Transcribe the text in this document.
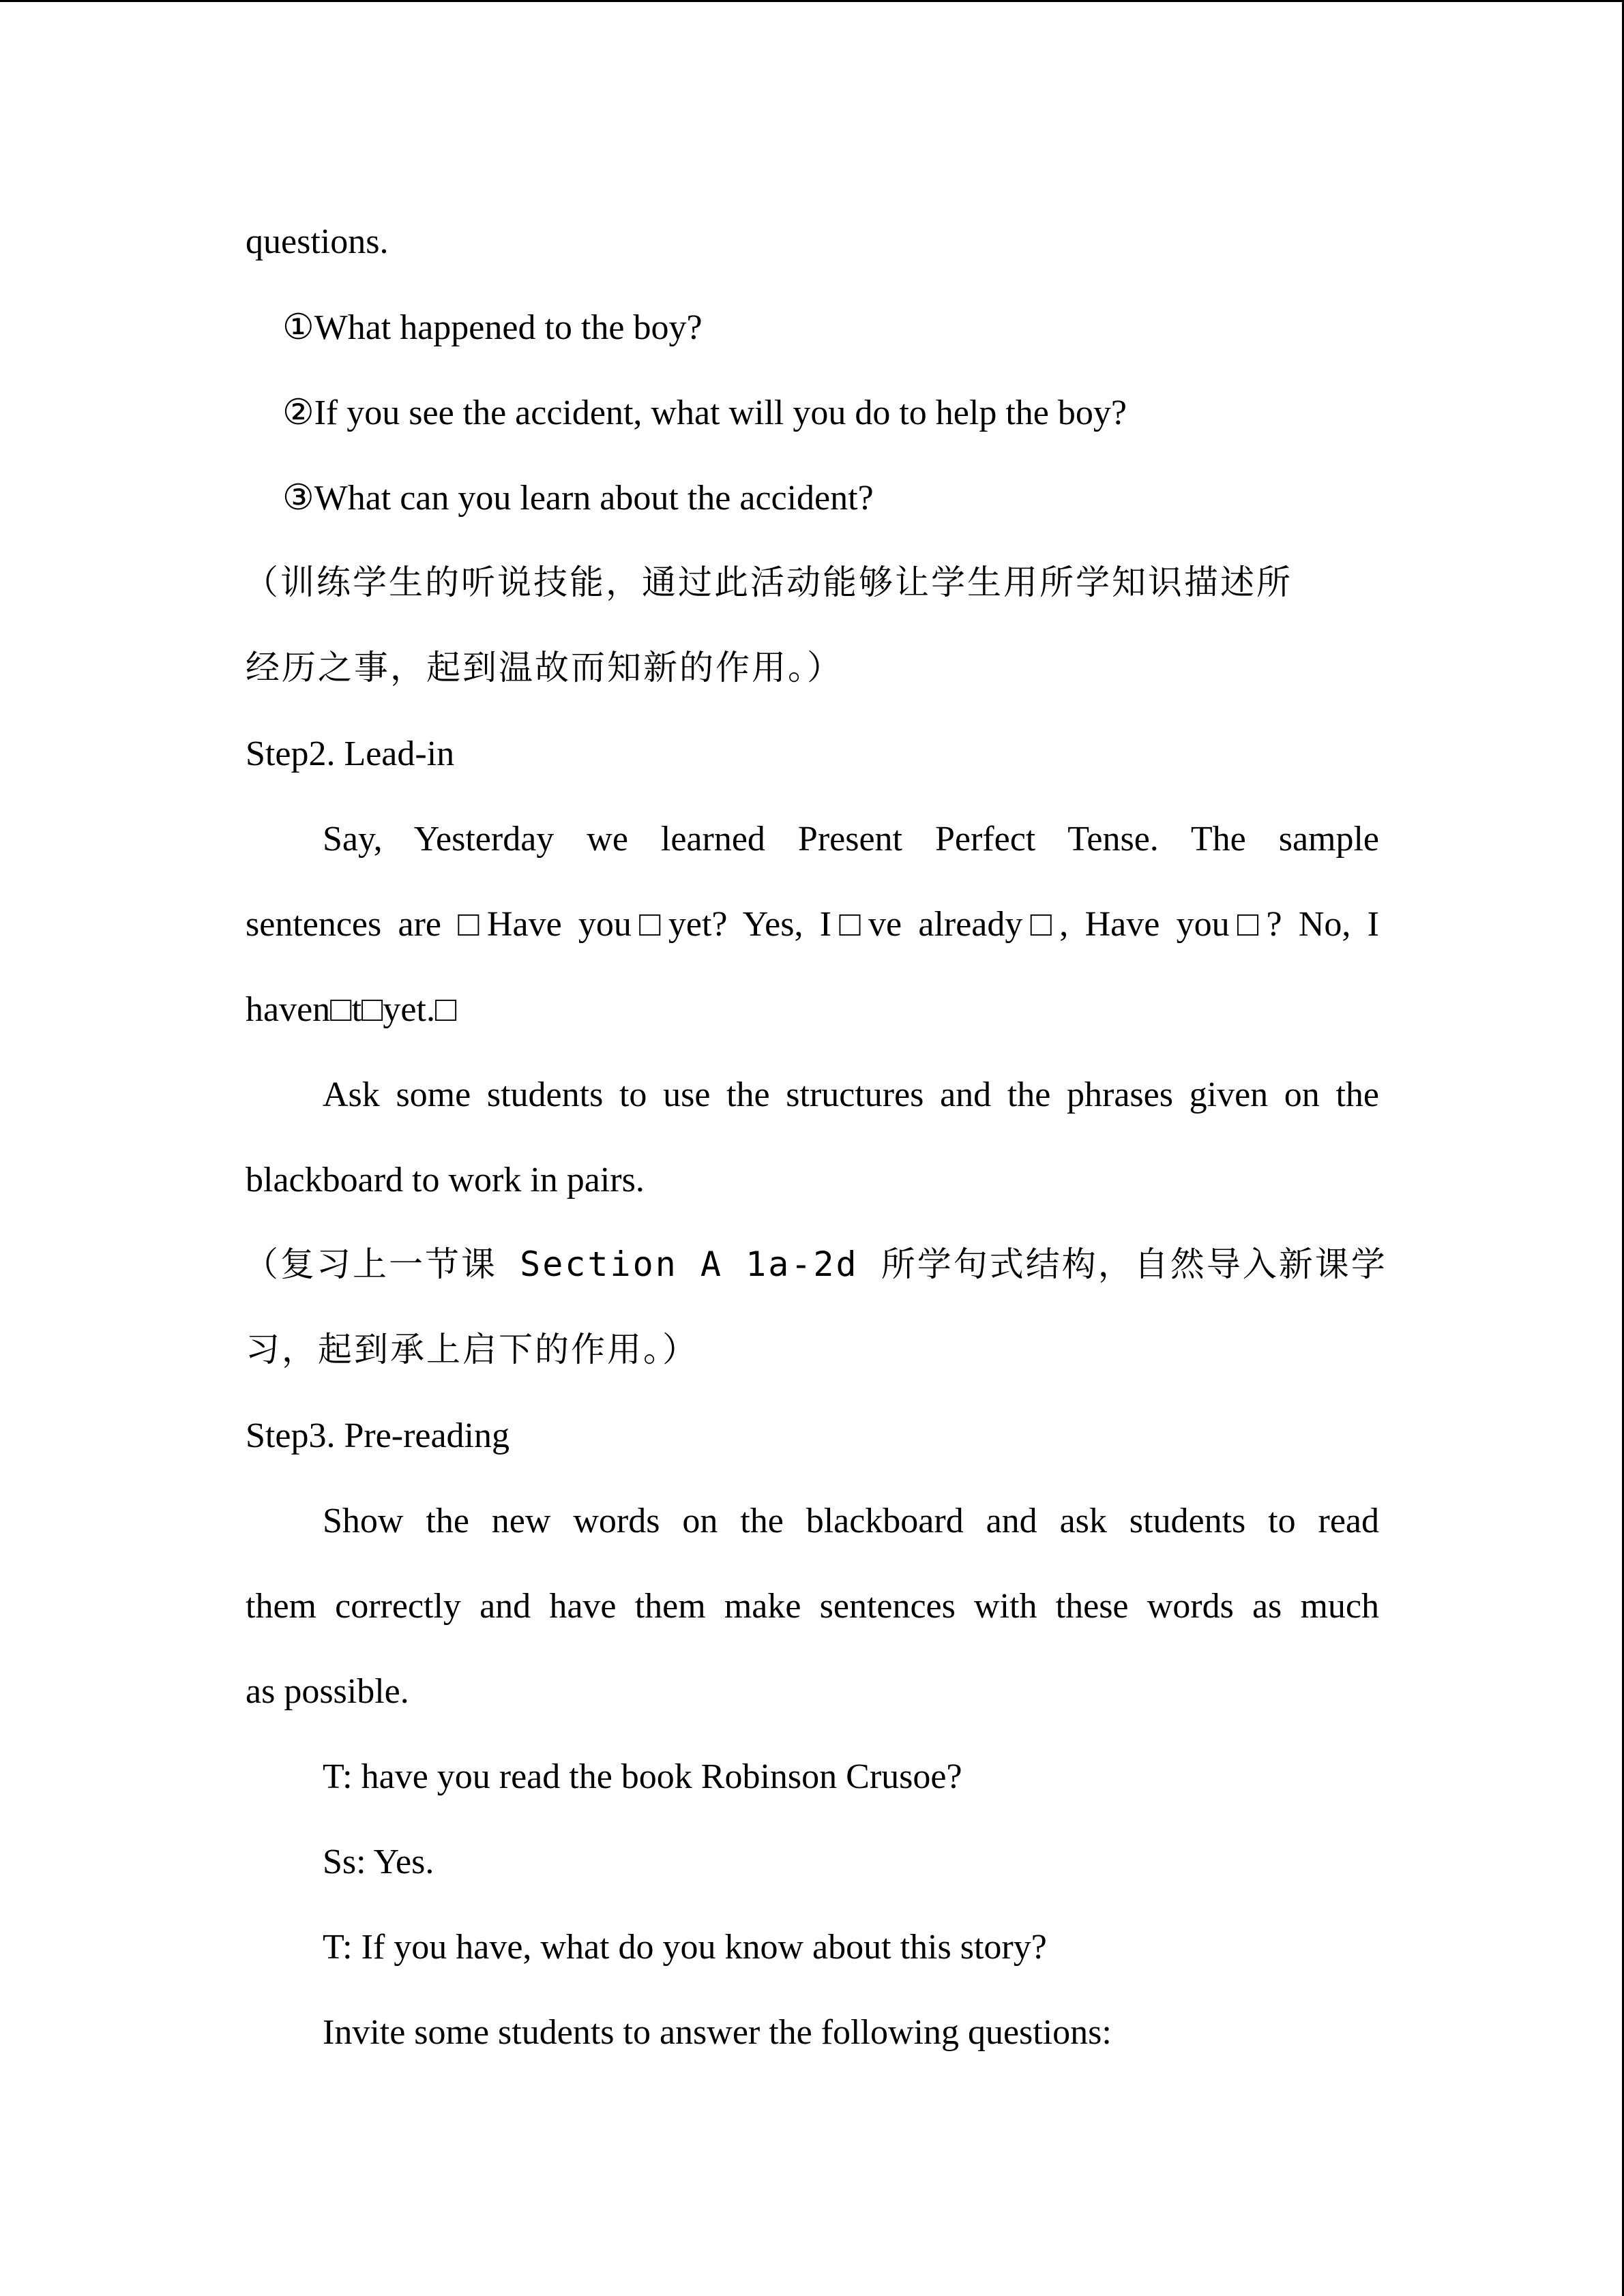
questions.
①What happened to the boy?
②If you see the accident, what will you do to help the boy?
③What can you learn about the accident?
（训练学生的听说技能，通过此活动能够让学生用所学知识描述所
经历之事，起到温故而知新的作用。）
Step2. Lead-in
Say, Yesterday we learned Present Perfect Tense. The sample
sentences are □Have you□yet? Yes, I□ve already□, Have you□? No, I
haven□t□yet.□
Ask some students to use the structures and the phrases given on the
blackboard to work in pairs.
（复习上一节课 Section A 1a-2d 所学句式结构，自然导入新课学
习，起到承上启下的作用。）
Step3. Pre-reading
Show the new words on the blackboard and ask students to read
them correctly and have them make sentences with these words as much
as possible.
T: have you read the book Robinson Crusoe?
Ss: Yes.
T: If you have, what do you know about this story?
Invite some students to answer the following questions:
